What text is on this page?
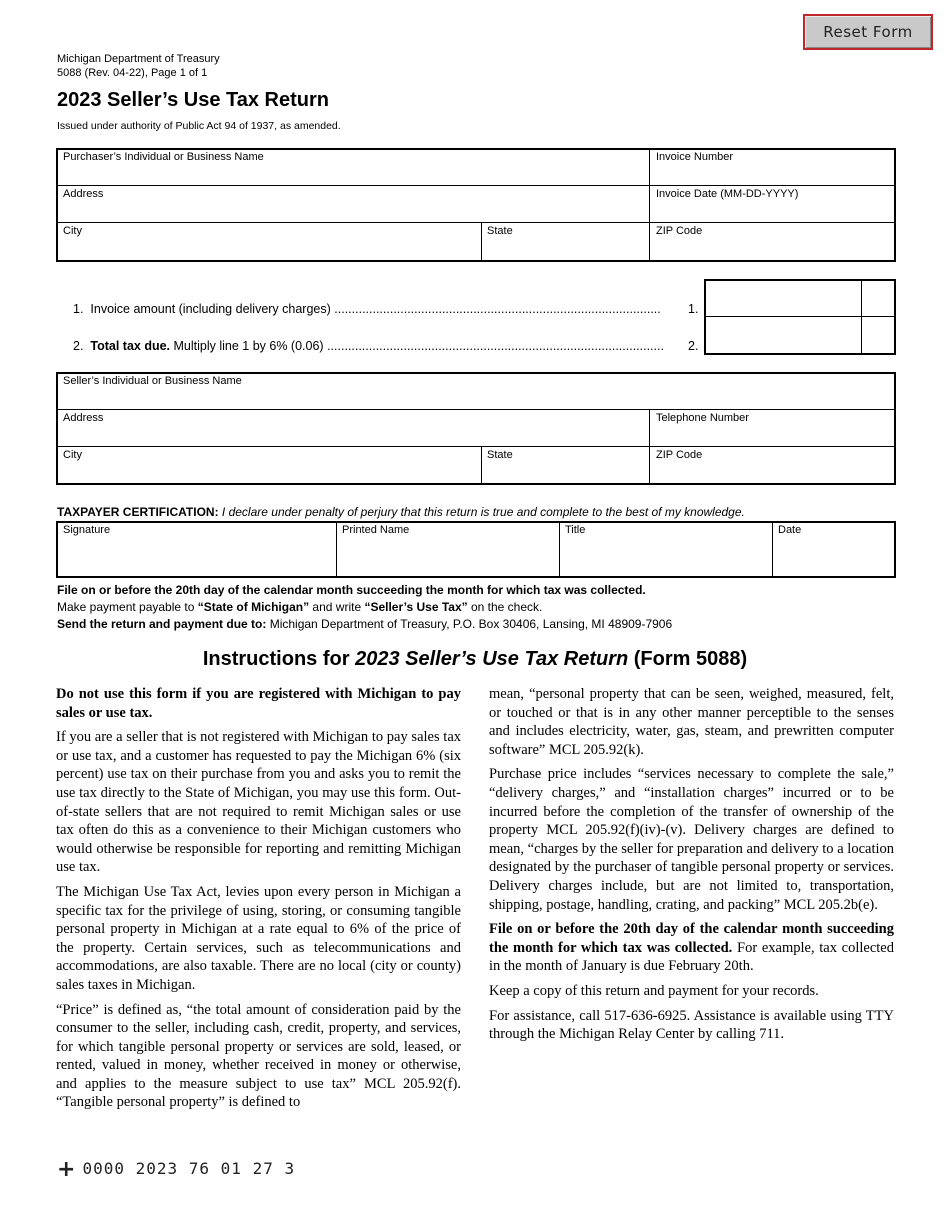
Reset Form
Michigan Department of Treasury
5088 (Rev. 04-22), Page 1 of 1
2023 Seller’s Use Tax Return
Issued under authority of Public Act 94 of 1937, as amended.
Purchaser’s Individual or Business Name	Invoice Number
Address	Invoice Date (MM-DD-YYYY)
City	State	ZIP Code
1. Invoice amount (including delivery charges) .............................................................................................. 1.
2. Total tax due. Multiply line 1 by 6% (0.06) ................................................................................................. 2.
Seller’s Individual or Business Name
Address	Telephone Number
City	State	ZIP Code
TAXPAYER CERTIFICATION: I declare under penalty of perjury that this return is true and complete to the best of my knowledge.
Signature	Printed Name	Title	Date
File on or before the 20th day of the calendar month succeeding the month for which tax was collected.
Make payment payable to “State of Michigan” and write “Seller’s Use Tax” on the check.
Send the return and payment due to: Michigan Department of Treasury, P.O. Box 30406, Lansing, MI 48909-7906
Instructions for 2023 Seller’s Use Tax Return (Form 5088)

Do not use this form if you are registered with Michigan to pay sales or use tax.

If you are a seller that is not registered with Michigan to pay sales tax or use tax, and a customer has requested to pay the Michigan 6% (six percent) use tax on their purchase from you and asks you to remit the use tax directly to the State of Michigan, you may use this form. Out-of-state sellers that are not required to remit Michigan sales or use tax often do this as a convenience to their Michigan customers who would otherwise be responsible for reporting and remitting Michigan use tax.

The Michigan Use Tax Act, levies upon every person in Michigan a specific tax for the privilege of using, storing, or consuming tangible personal property in Michigan at a rate equal to 6% of the price of the property. Certain services, such as telecommunications and accommodations, are also taxable. There are no local (city or county) sales taxes in Michigan.

“Price” is defined as, “the total amount of consideration paid by the consumer to the seller, including cash, credit, property, and services, for which tangible personal property or services are sold, leased, or rented, valued in money, whether received in money or otherwise, and applies to the measure subject to use tax” MCL 205.92(f). “Tangible personal property” is defined to

mean, “personal property that can be seen, weighed, measured, felt, or touched or that is in any other manner perceptible to the senses and includes electricity, water, gas, steam, and prewritten computer software” MCL 205.92(k).

Purchase price includes “services necessary to complete the sale,” “delivery charges,” and “installation charges” incurred or to be incurred before the completion of the transfer of ownership of the property MCL 205.92(f)(iv)-(v). Delivery charges are defined to mean, “charges by the seller for preparation and delivery to a location designated by the purchaser of tangible personal property or services. Delivery charges include, but are not limited to, transportation, shipping, postage, handling, crating, and packing” MCL 205.2b(e).

File on or before the 20th day of the calendar month succeeding the month for which tax was collected. For example, tax collected in the month of January is due February 20th.

Keep a copy of this return and payment for your records.

For assistance, call 517-636-6925. Assistance is available using TTY through the Michigan Relay Center by calling 711.

+ 0000 2023 76 01 27 3
